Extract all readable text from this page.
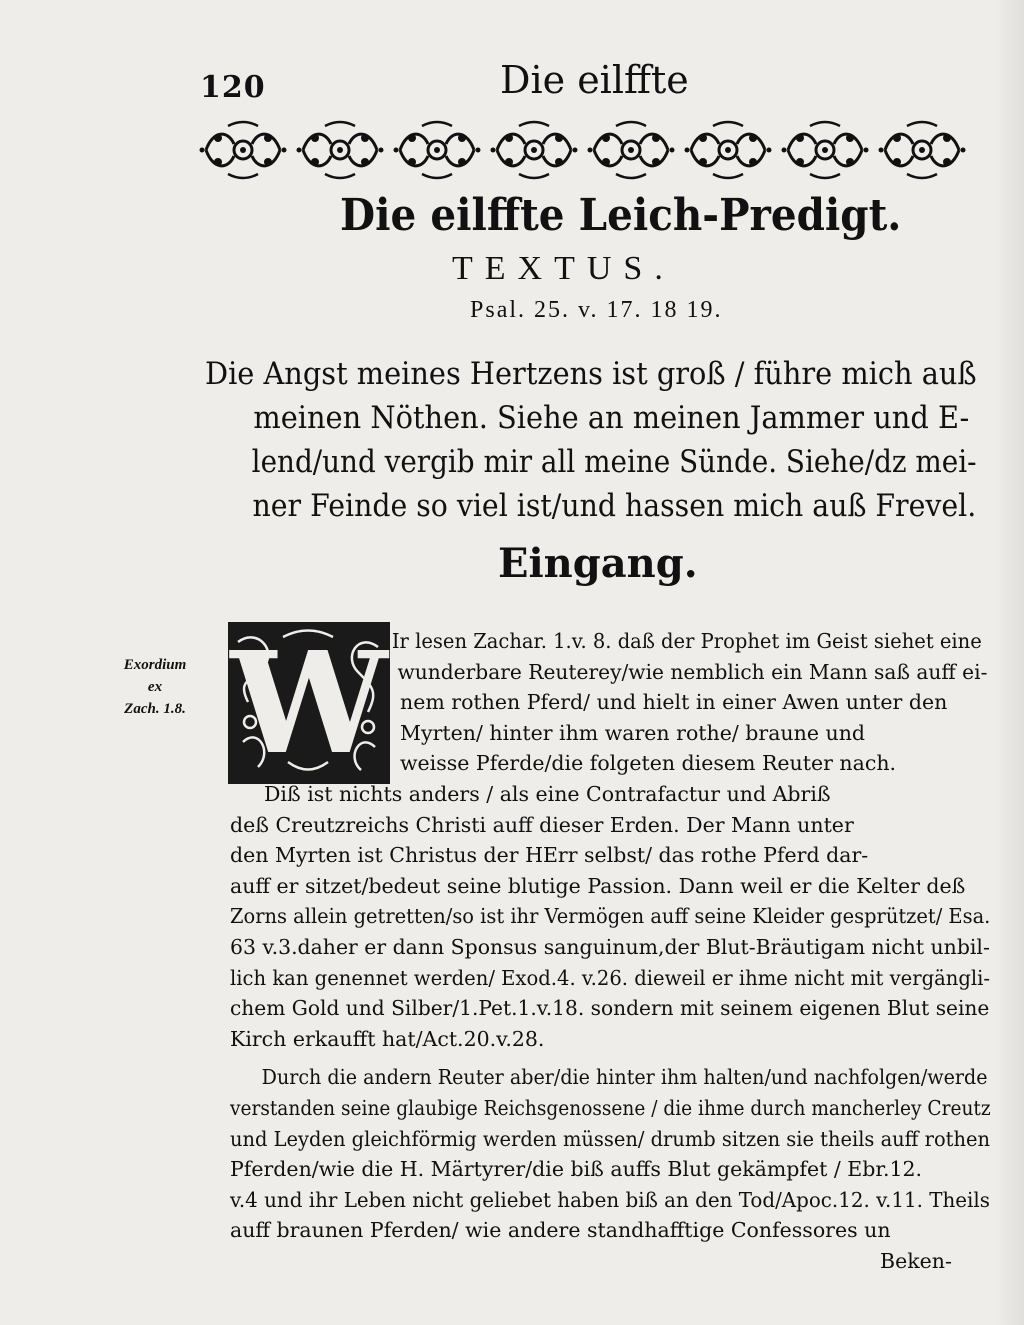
120	Die eilffte
Die eilffte Leich-Predigt.
TEXTUS.
Psal. 25. v. 17. 18 19.
Die Angst meines Hertzens ist groß / führe mich auß
meinen Nöthen. Siehe an meinen Jammer und E-
lend/und vergib mir all meine Sünde. Siehe/dz mei-
ner Feinde so viel ist/und hassen mich auß Frevel.
Eingang.
Exordium
ex
Zach. 1.8. W Ir lesen Zachar. 1.v. 8. daß der Prophet im Geist siehet eine
wunderbare Reuterey/wie nemblich ein Mann saß auff ei-
nem rothen Pferd/ und hielt in einer Awen unter den
Myrten/ hinter ihm waren rothe/ braune und
weisse Pferde/die folgeten diesem Reuter nach.
Diß ist nichts anders / als eine Contrafactur und Abriß
deß Creutzreichs Christi auff dieser Erden. Der Mann unter
den Myrten ist Christus der HErr selbst/ das rothe Pferd dar-
auff er sitzet/bedeut seine blutige Passion. Dann weil er die Kelter deß
Zorns allein getretten/so ist ihr Vermögen auff seine Kleider gesprützet/ Esa.
63 v.3.daher er dann Sponsus sanguinum,der Blut-Bräutigam nicht unbil-
lich kan genennet werden/ Exod.4. v.26. dieweil er ihme nicht mit vergängli-
chem Gold und Silber/1.Pet.1.v.18. sondern mit seinem eigenen Blut seine
Kirch erkaufft hat/Act.20.v.28.
Durch die andern Reuter aber/die hinter ihm halten/und nachfolgen/werde
verstanden seine glaubige Reichsgenossene / die ihme durch mancherley Creutz
und Leyden gleichförmig werden müssen/ drumb sitzen sie theils auff rothen
Pferden/wie die H. Märtyrer/die biß auffs Blut gekämpfet / Ebr.12.
v.4 und ihr Leben nicht geliebet haben biß an den Tod/Apoc.12. v.11. Theils
auff braunen Pferden/ wie andere standhafftige Confessores un
Beken-
